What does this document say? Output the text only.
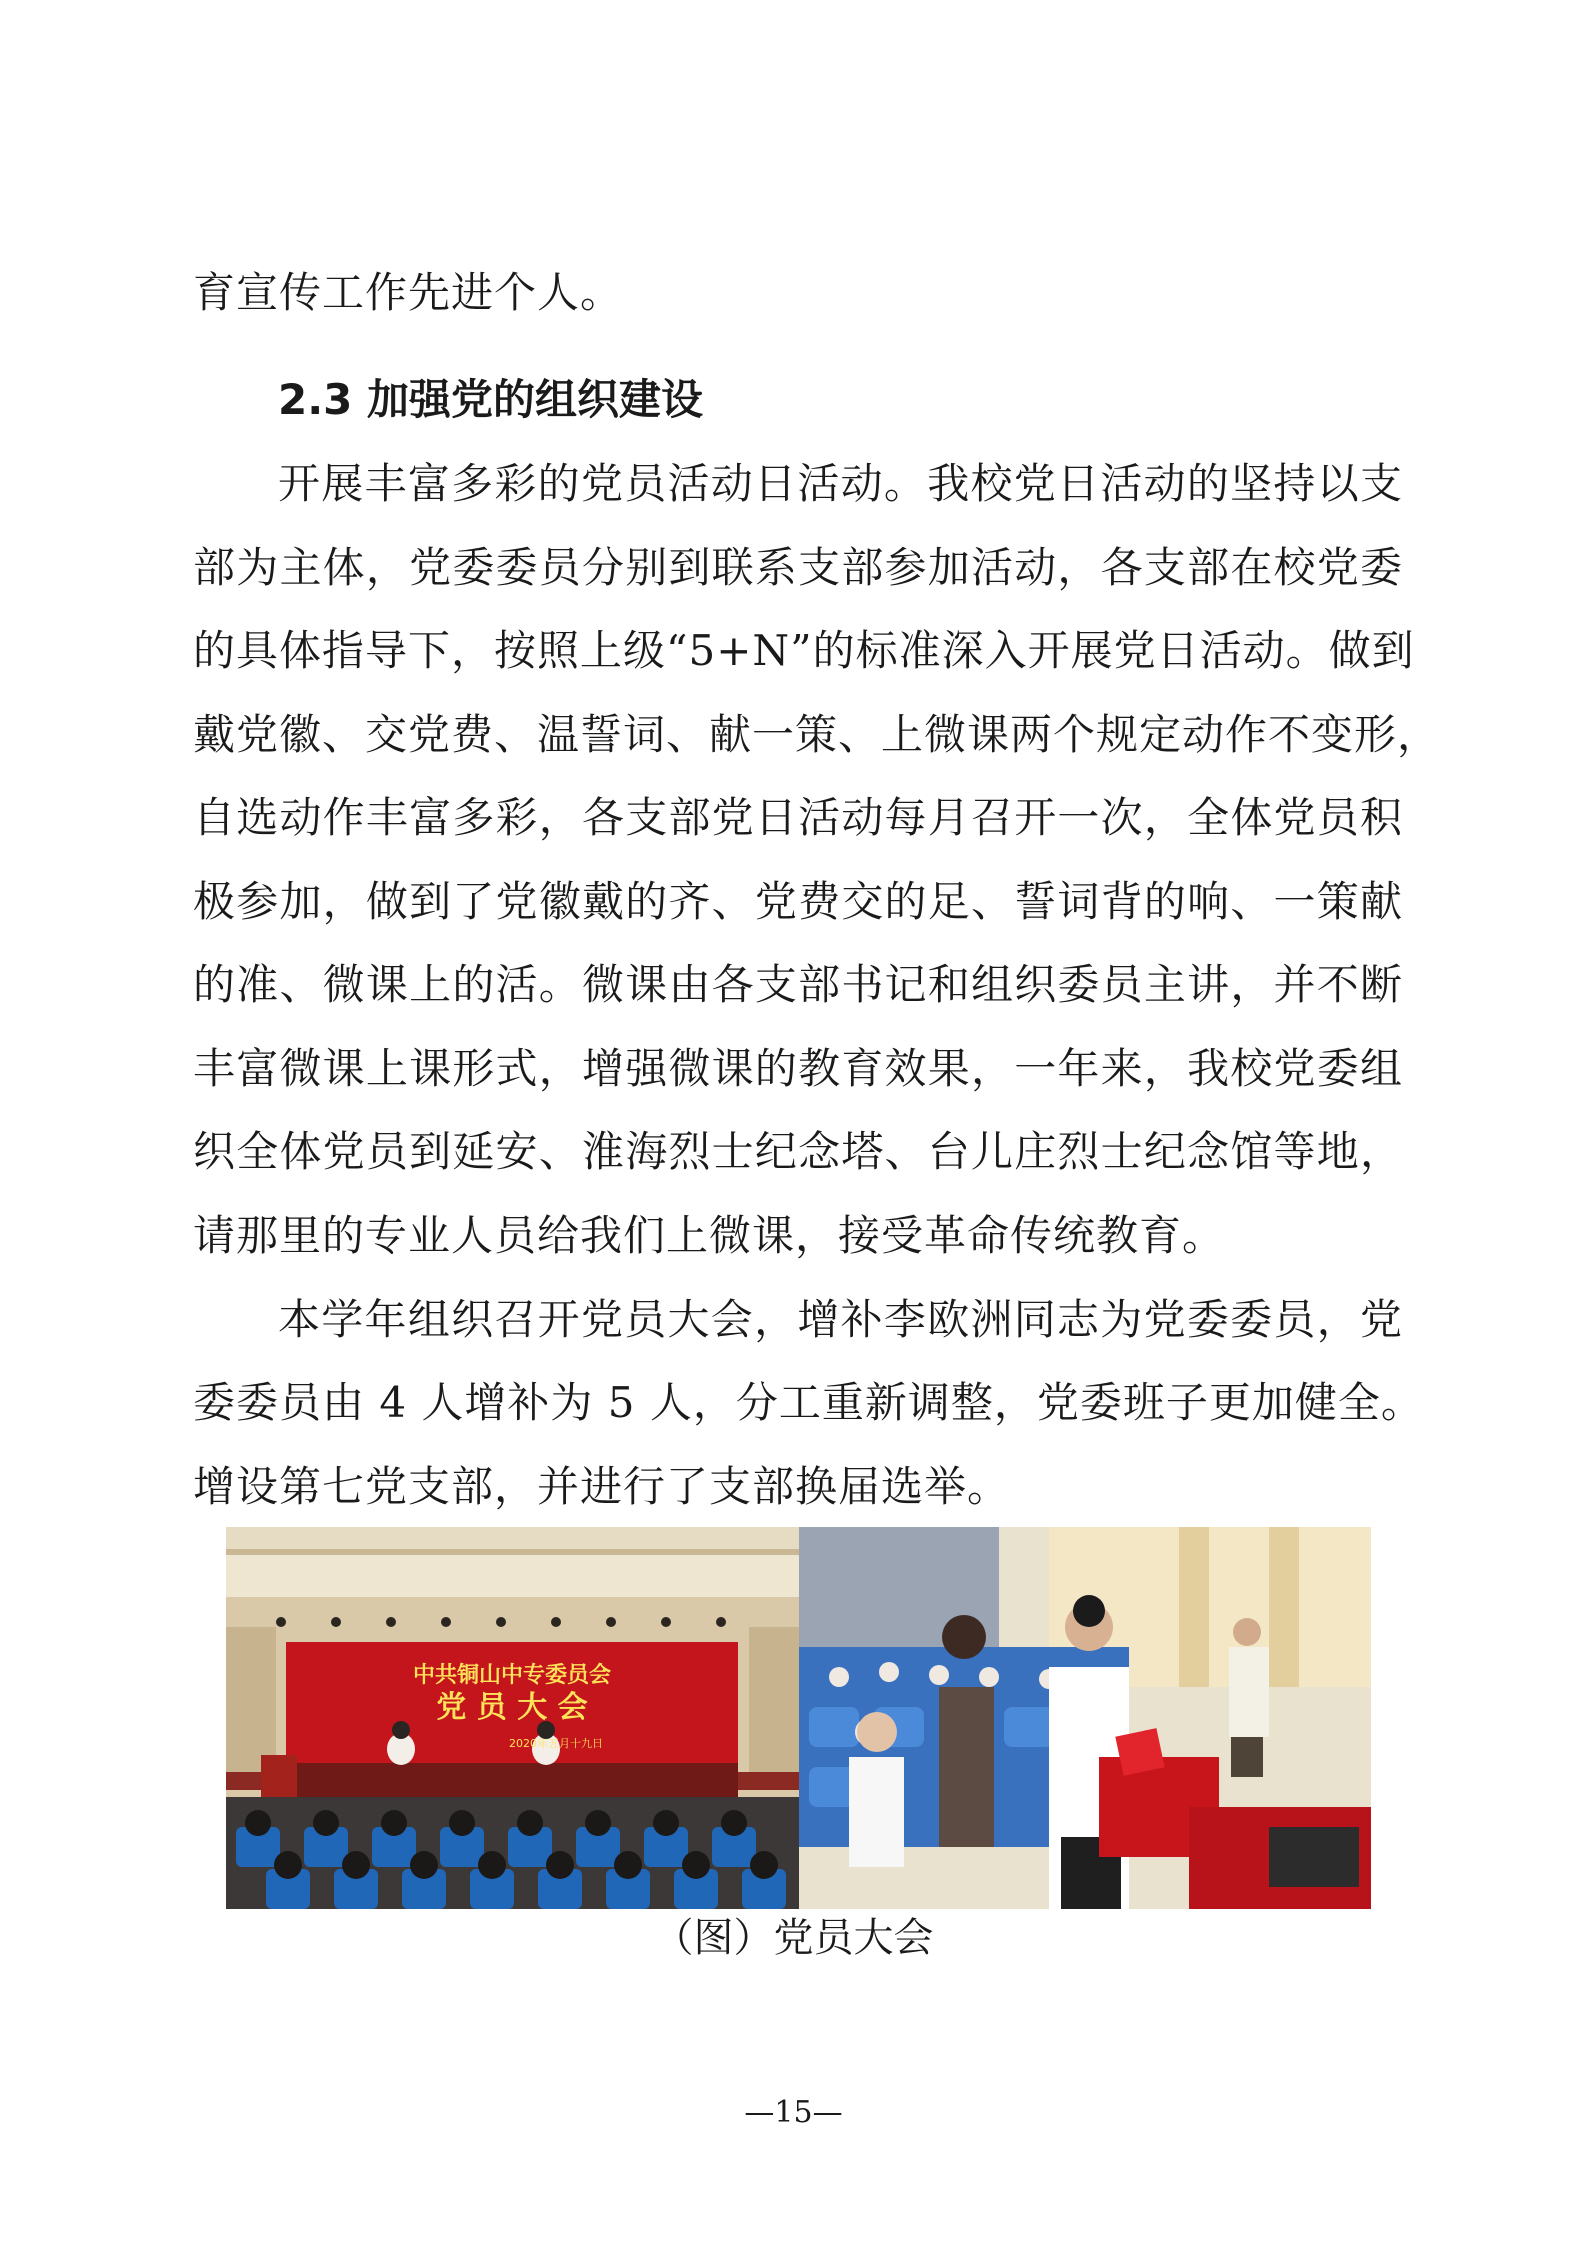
育宣传工作先进个人。
2.3 加强党的组织建设
开展丰富多彩的党员活动日活动。我校党日活动的坚持以支
部为主体，党委委员分别到联系支部参加活动，各支部在校党委
的具体指导下，按照上级“5+N”的标准深入开展党日活动。做到
戴党徽、交党费、温誓词、献一策、上微课两个规定动作不变形，
自选动作丰富多彩，各支部党日活动每月召开一次，全体党员积
极参加，做到了党徽戴的齐、党费交的足、誓词背的响、一策献
的准、微课上的活。微课由各支部书记和组织委员主讲，并不断
丰富微课上课形式，增强微课的教育效果，一年来，我校党委组
织全体党员到延安、淮海烈士纪念塔、台儿庄烈士纪念馆等地，
请那里的专业人员给我们上微课，接受革命传统教育。
本学年组织召开党员大会，增补李欧洲同志为党委委员，党
委委员由 4 人增补为 5 人，分工重新调整，党委班子更加健全。
增设第七党支部，并进行了支部换届选举。
中共铜山中专委员会
党 员 大 会
2020年五月十九日
（图）党员大会
—15—
